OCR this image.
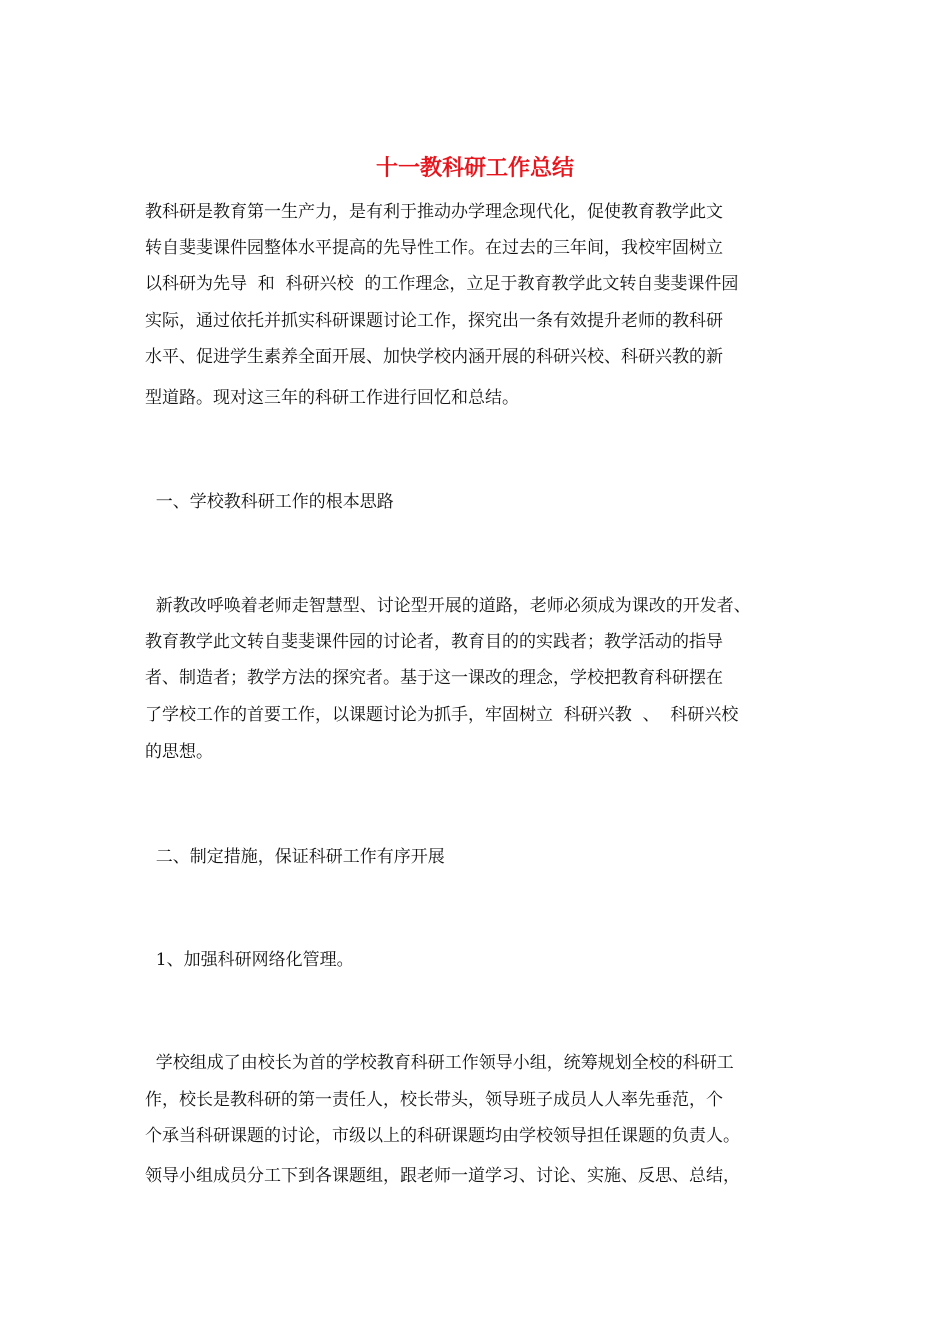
十一教科研工作总结
教科研是教育第一生产力，是有利于推动办学理念现代化，促使教育教学此文
转自斐斐课件园整体水平提高的先导性工作。在过去的三年间，我校牢固树立
以科研为先导  和  科研兴校  的工作理念，立足于教育教学此文转自斐斐课件园
实际，通过依托并抓实科研课题讨论工作，探究出一条有效提升老师的教科研
水平、促进学生素养全面开展、加快学校内涵开展的科研兴校、科研兴教的新
型道路。现对这三年的科研工作进行回忆和总结。
一、学校教科研工作的根本思路
新教改呼唤着老师走智慧型、讨论型开展的道路，老师必须成为课改的开发者、
教育教学此文转自斐斐课件园的讨论者，教育目的的实践者；教学活动的指导
者、制造者；教学方法的探究者。基于这一课改的理念，学校把教育科研摆在
了学校工作的首要工作，以课题讨论为抓手，牢固树立  科研兴教  、  科研兴校
的思想。
二、制定措施，保证科研工作有序开展
1、加强科研网络化管理。
学校组成了由校长为首的学校教育科研工作领导小组，统筹规划全校的科研工
作，校长是教科研的第一责任人，校长带头，领导班子成员人人率先垂范，个
个承当科研课题的讨论，市级以上的科研课题均由学校领导担任课题的负责人。
领导小组成员分工下到各课题组，跟老师一道学习、讨论、实施、反思、总结，
